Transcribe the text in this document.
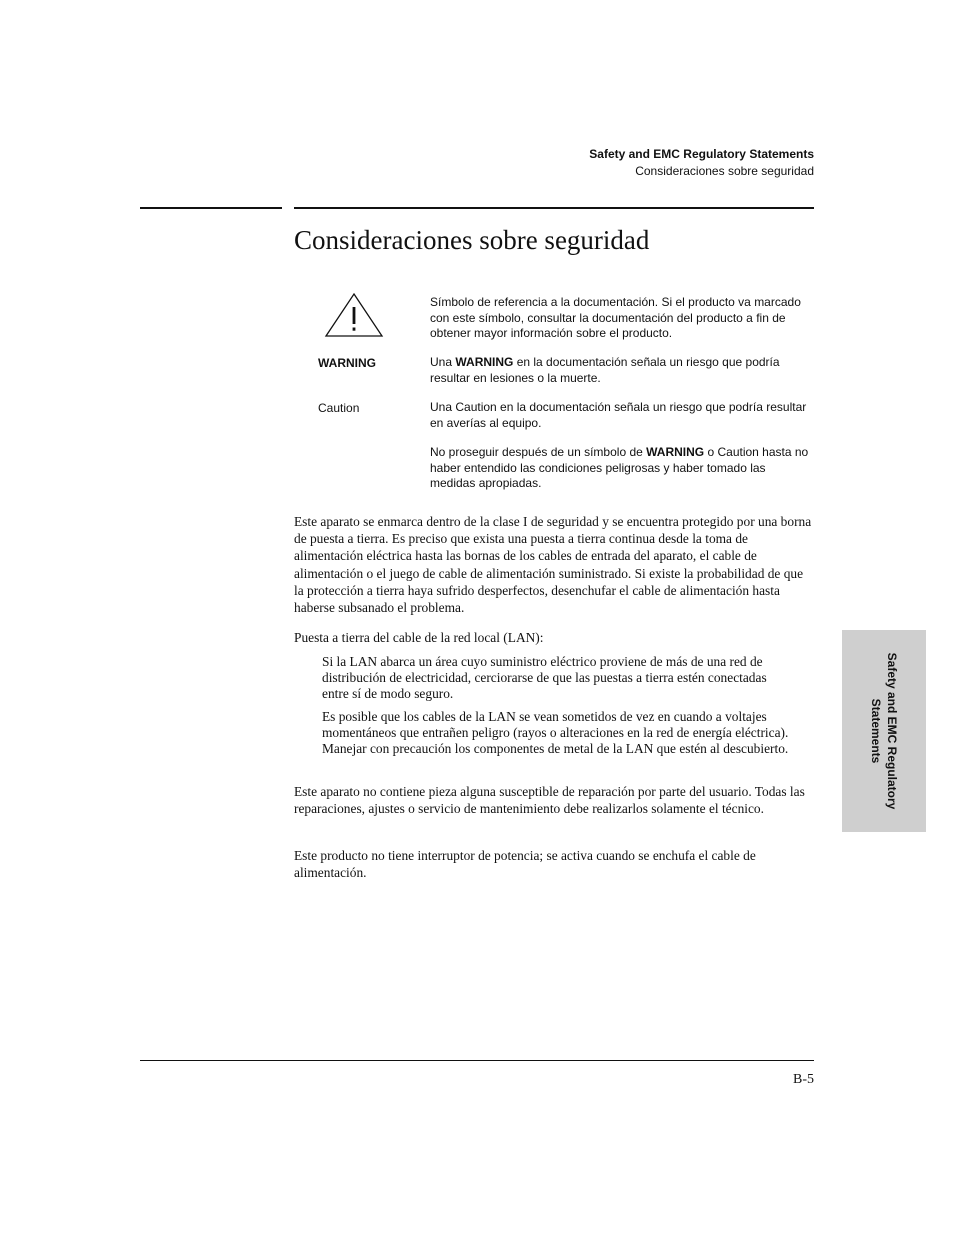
Safety and EMC Regulatory Statements
Consideraciones sobre seguridad
Consideraciones sobre seguridad
Símbolo de referencia a la documentación. Si el producto va marcado con este símbolo, consultar la documentación del producto a fin de obtener mayor información sobre el producto.
WARNING	Una WARNING en la documentación señala un riesgo que podría resultar en lesiones o la muerte.
Caution	Una Caution en la documentación señala un riesgo que podría resultar en averías al equipo.
No proseguir después de un símbolo de WARNING o Caution hasta no haber entendido las condiciones peligrosas y haber tomado las medidas apropiadas.

Este aparato se enmarca dentro de la clase I de seguridad y se encuentra protegido por una borna de puesta a tierra. Es preciso que exista una puesta a tierra continua desde la toma de alimentación eléctrica hasta las bornas de los cables de entrada del aparato, el cable de alimentación o el juego de cable de alimentación suministrado. Si existe la probabilidad de que la protección a tierra haya sufrido desperfectos, desenchufar el cable de alimentación hasta haberse subsanado el problema.

Puesta a tierra del cable de la red local (LAN):

Si la LAN abarca un área cuyo suministro eléctrico proviene de más de una red de distribución de electricidad, cerciorarse de que las puestas a tierra estén conectadas entre sí de modo seguro.

Es posible que los cables de la LAN se vean sometidos de vez en cuando a voltajes momentáneos que entrañen peligro (rayos o alteraciones en la red de energía eléctrica). Manejar con precaución los componentes de metal de la LAN que estén al descubierto.

Este aparato no contiene pieza alguna susceptible de reparación por parte del usuario. Todas las reparaciones, ajustes o servicio de mantenimiento debe realizarlos solamente el técnico.

Este producto no tiene interruptor de potencia; se activa cuando se enchufa el cable de alimentación.

Safety and EMC Regulatory
Statements
B-5
